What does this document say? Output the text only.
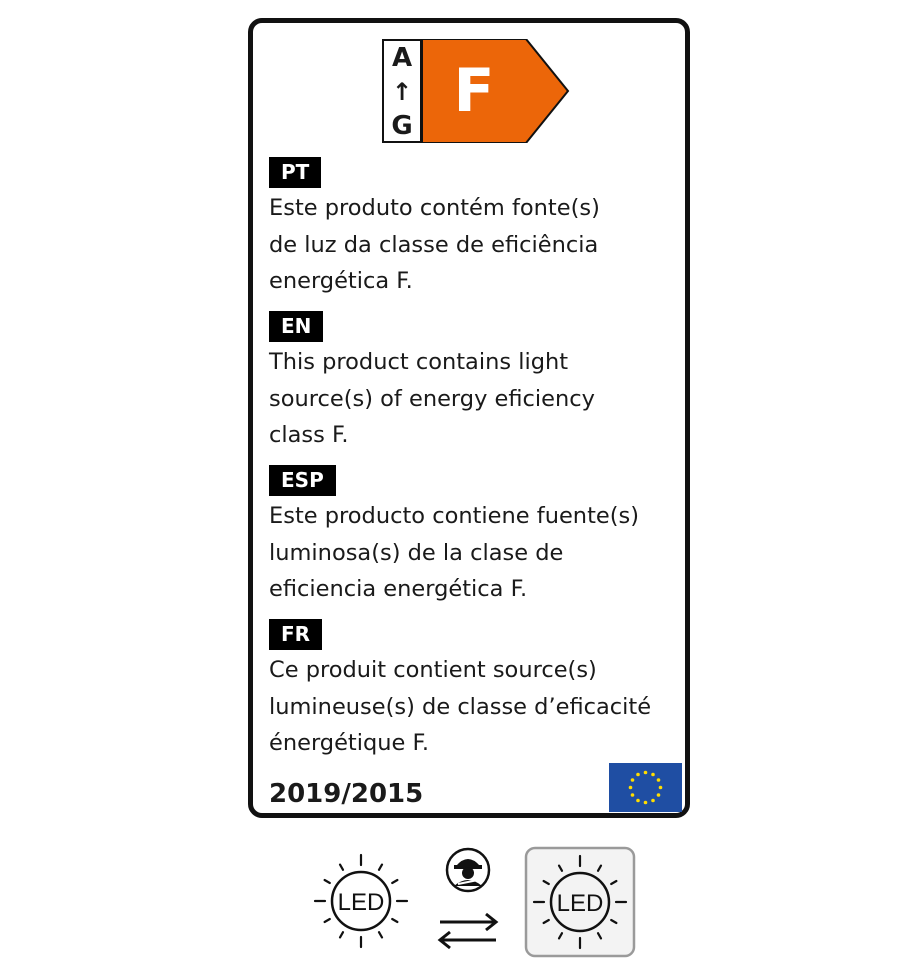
A
↑
G F
PT
Este produto contém fonte(s)
de luz da classe de eficiência
energética F.
EN
This product contains light
source(s) of energy eficiency
class F.
ESP
Este producto contiene fuente(s)
luminosa(s) de la clase de
eficiencia energética F.
FR
Ce produit contient source(s)
lumineuse(s) de classe d’eficacité
énergétique F.
2019/2015
LED	LED
